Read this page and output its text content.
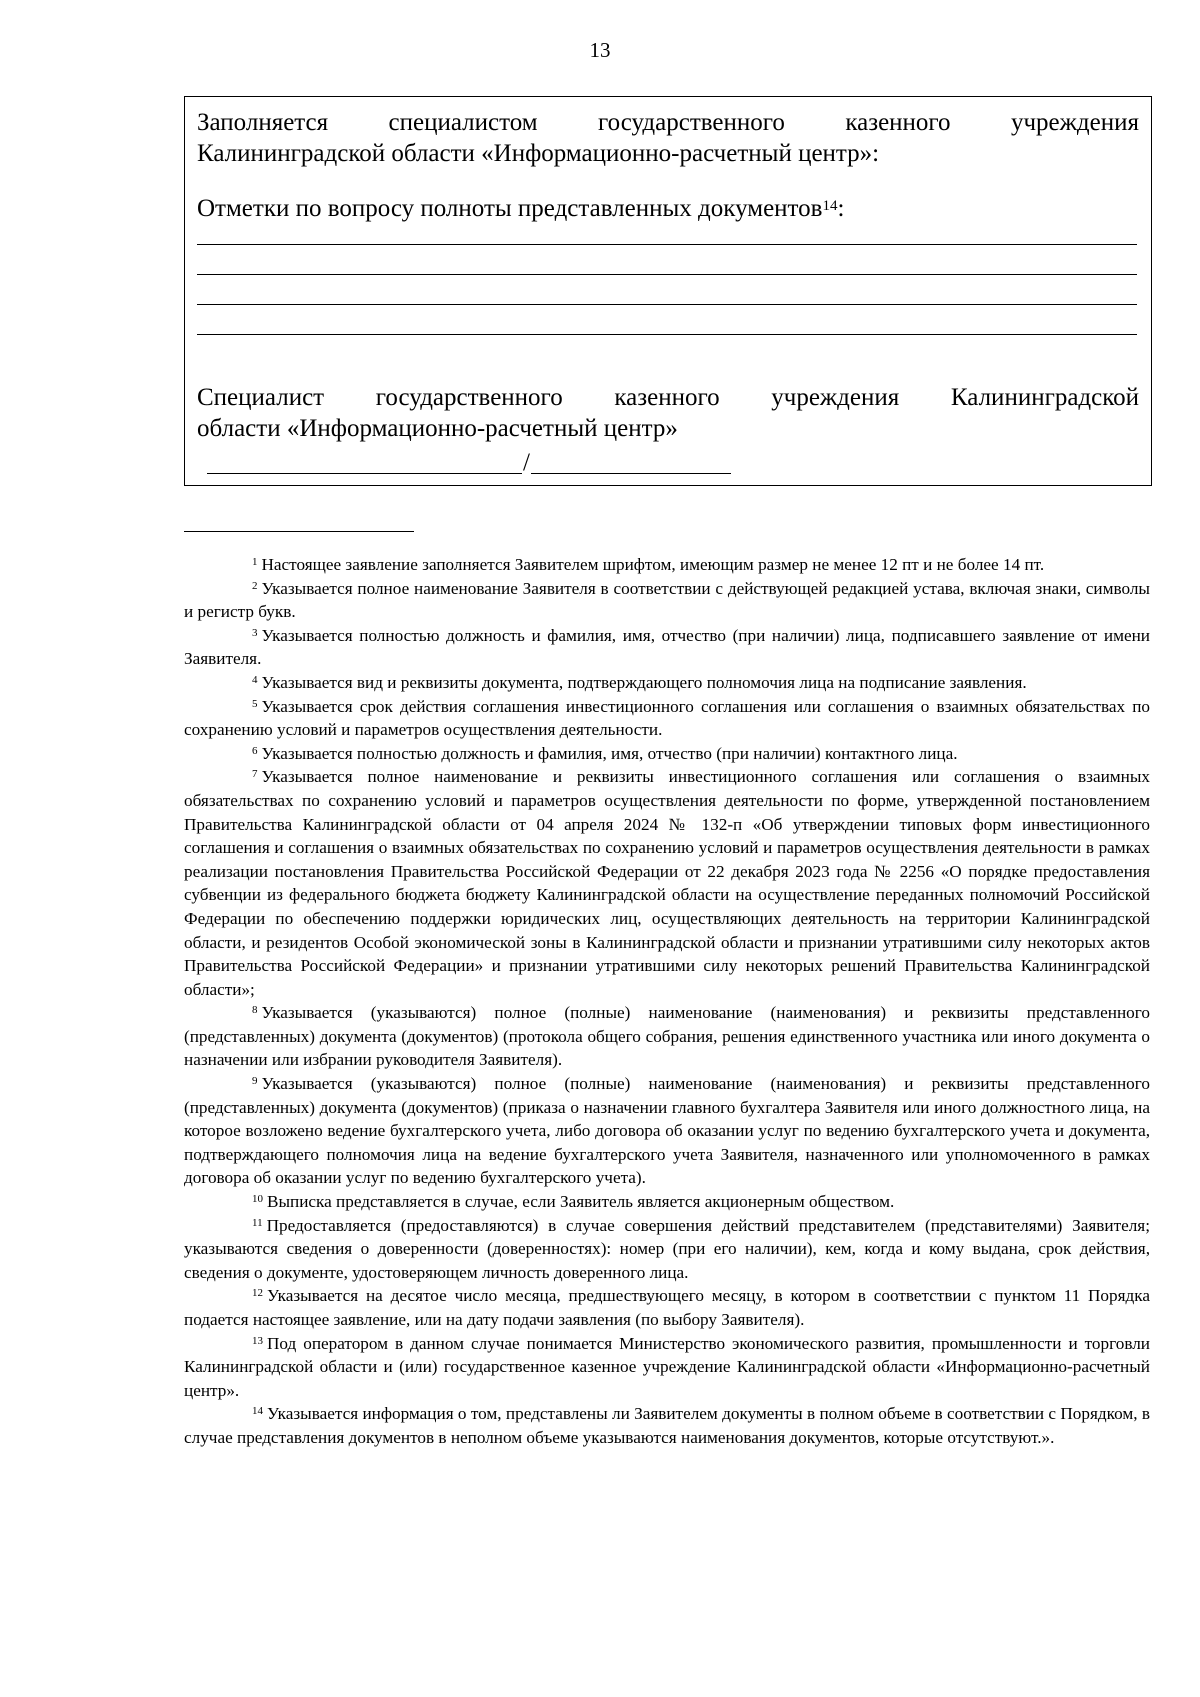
13
Заполняется специалистом государственного казенного учреждения
Калининградской области «Информационно-расчетный центр»:
Отметки по вопросу полноты представленных документов$^{14}$:
Специалист государственного казенного учреждения Калининградской
области «Информационно-расчетный центр»
/

$^1$ Настоящее заявление заполняется Заявителем шрифтом, имеющим размер не менее 12 пт и не более 14 пт.

$^2$ Указывается полное наименование Заявителя в соответствии с действующей редакцией устава, включая знаки, символы и регистр букв.

$^3$ Указывается полностью должность и фамилия, имя, отчество (при наличии) лица, подписавшего заявление от имени Заявителя.

$^4$ Указывается вид и реквизиты документа, подтверждающего полномочия лица на подписание заявления.

$^5$ Указывается срок действия соглашения инвестиционного соглашения или соглашения о взаимных обязательствах по сохранению условий и параметров осуществления деятельности.

$^6$ Указывается полностью должность и фамилия, имя, отчество (при наличии) контактного лица.

$^7$ Указывается полное наименование и реквизиты инвестиционного соглашения или соглашения о взаимных обязательствах по сохранению условий и параметров осуществления деятельности по форме, утвержденной постановлением Правительства Калининградской области от 04 апреля 2024 № 132-п «Об утверждении типовых форм инвестиционного соглашения и соглашения о взаимных обязательствах по сохранению условий и параметров осуществления деятельности в рамках реализации постановления Правительства Российской Федерации от 22 декабря 2023 года № 2256 «О порядке предоставления субвенции из федерального бюджета бюджету Калининградской области на осуществление переданных полномочий Российской Федерации по обеспечению поддержки юридических лиц, осуществляющих деятельность на территории Калининградской области, и резидентов Особой экономической зоны в Калининградской области и признании утратившими силу некоторых актов Правительства Российской Федерации» и признании утратившими силу некоторых решений Правительства Калининградской области»;

$^8$ Указывается (указываются) полное (полные) наименование (наименования) и реквизиты представленного (представленных) документа (документов) (протокола общего собрания, решения единственного участника или иного документа о назначении или избрании руководителя Заявителя).

$^9$ Указывается (указываются) полное (полные) наименование (наименования) и реквизиты представленного (представленных) документа (документов) (приказа о назначении главного бухгалтера Заявителя или иного должностного лица, на которое возложено ведение бухгалтерского учета, либо договора об оказании услуг по ведению бухгалтерского учета и документа, подтверждающего полномочия лица на ведение бухгалтерского учета Заявителя, назначенного или уполномоченного в рамках договора об оказании услуг по ведению бухгалтерского учета).

$^{10}$ Выписка представляется в случае, если Заявитель является акционерным обществом.

$^{11}$ Предоставляется (предоставляются) в случае совершения действий представителем (представителями) Заявителя; указываются сведения о доверенности (доверенностях): номер (при его наличии), кем, когда и кому выдана, срок действия, сведения о документе, удостоверяющем личность доверенного лица.

$^{12}$ Указывается на десятое число месяца, предшествующего месяцу, в котором в соответствии с пунктом 11 Порядка подается настоящее заявление, или на дату подачи заявления (по выбору Заявителя).

$^{13}$ Под оператором в данном случае понимается Министерство экономического развития, промышленности и торговли Калининградской области и (или) государственное казенное учреждение Калининградской области «Информационно-расчетный центр».

$^{14}$ Указывается информация о том, представлены ли Заявителем документы в полном объеме в соответствии с Порядком, в случае представления документов в неполном объеме указываются наименования документов, которые отсутствуют.».
